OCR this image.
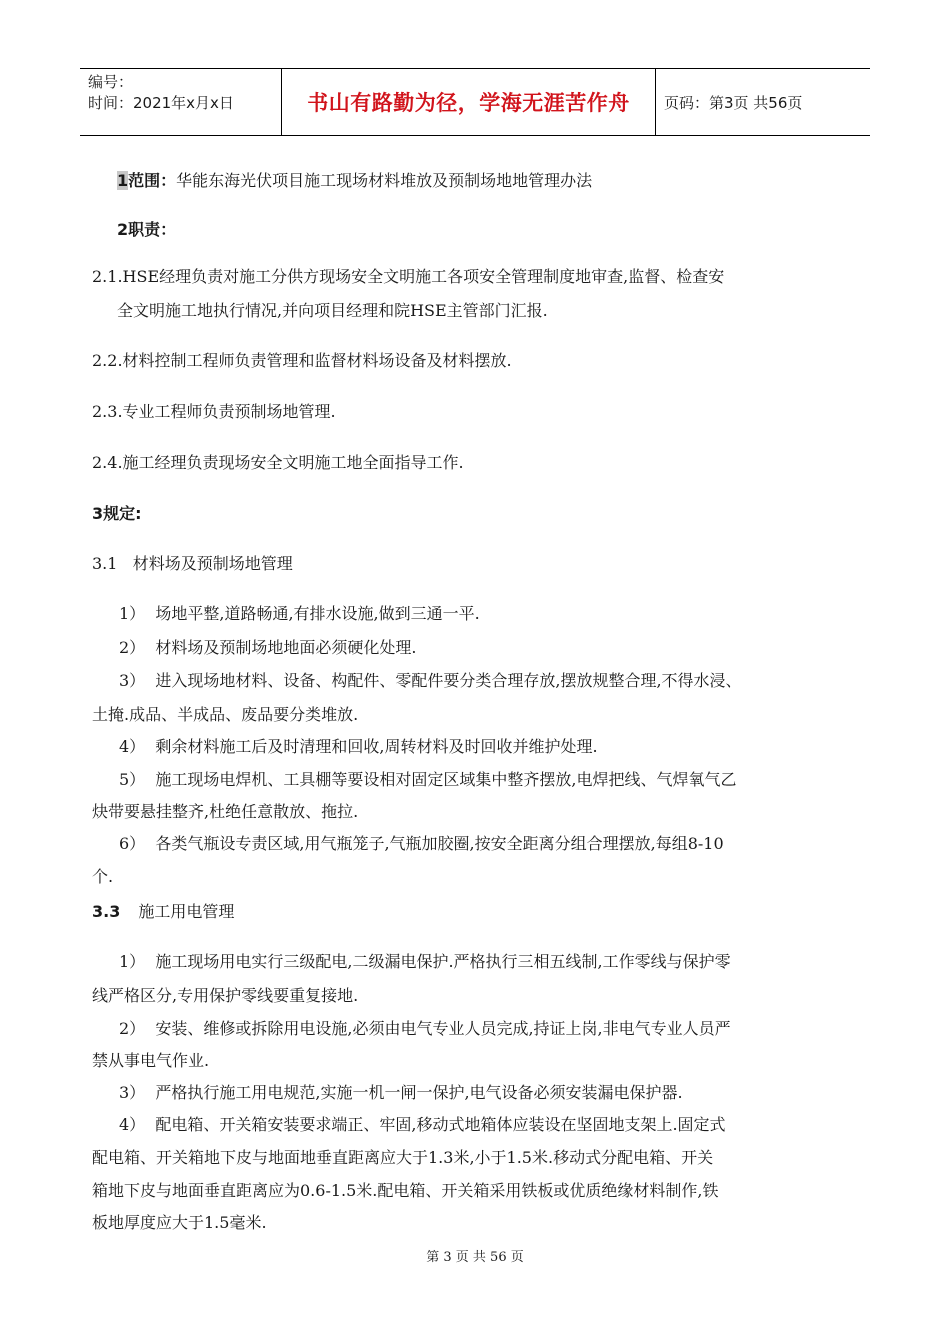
编号：
时间：2021年x月x日	书山有路勤为径，学海无涯苦作舟	页码：第3页 共56页
1范围：华能东海光伏项目施工现场材料堆放及预制场地地管理办法
2职责：
2.1.HSE经理负责对施工分供方现场安全文明施工各项安全管理制度地审查,监督、检查安
全文明施工地执行情况,并向项目经理和院HSE主管部门汇报.
2.2.材料控制工程师负责管理和监督材料场设备及材料摆放.
2.3.专业工程师负责预制场地管理.
2.4.施工经理负责现场安全文明施工地全面指导工作.
3规定:
3.1   材料场及预制场地管理
1）  场地平整,道路畅通,有排水设施,做到三通一平.
2）  材料场及预制场地地面必须硬化处理.
3）  进入现场地材料、设备、构配件、零配件要分类合理存放,摆放规整合理,不得水浸、
土掩.成品、半成品、废品要分类堆放.
4）  剩余材料施工后及时清理和回收,周转材料及时回收并维护处理.
5）  施工现场电焊机、工具棚等要设相对固定区域集中整齐摆放,电焊把线、气焊氧气乙
炔带要悬挂整齐,杜绝任意散放、拖拉.
6）  各类气瓶设专责区域,用气瓶笼子,气瓶加胶圈,按安全距离分组合理摆放,每组8-10
个.
3.3 施工用电管理
1）  施工现场用电实行三级配电,二级漏电保护.严格执行三相五线制,工作零线与保护零
线严格区分,专用保护零线要重复接地.
2）  安装、维修或拆除用电设施,必须由电气专业人员完成,持证上岗,非电气专业人员严
禁从事电气作业.
3）  严格执行施工用电规范,实施一机一闸一保护,电气设备必须安装漏电保护器.
4）  配电箱、开关箱安装要求端正、牢固,移动式地箱体应装设在坚固地支架上.固定式
配电箱、开关箱地下皮与地面地垂直距离应大于1.3米,小于1.5米.移动式分配电箱、开关
箱地下皮与地面垂直距离应为0.6-1.5米.配电箱、开关箱采用铁板或优质绝缘材料制作,铁
板地厚度应大于1.5毫米.
第 3 页 共 56 页
